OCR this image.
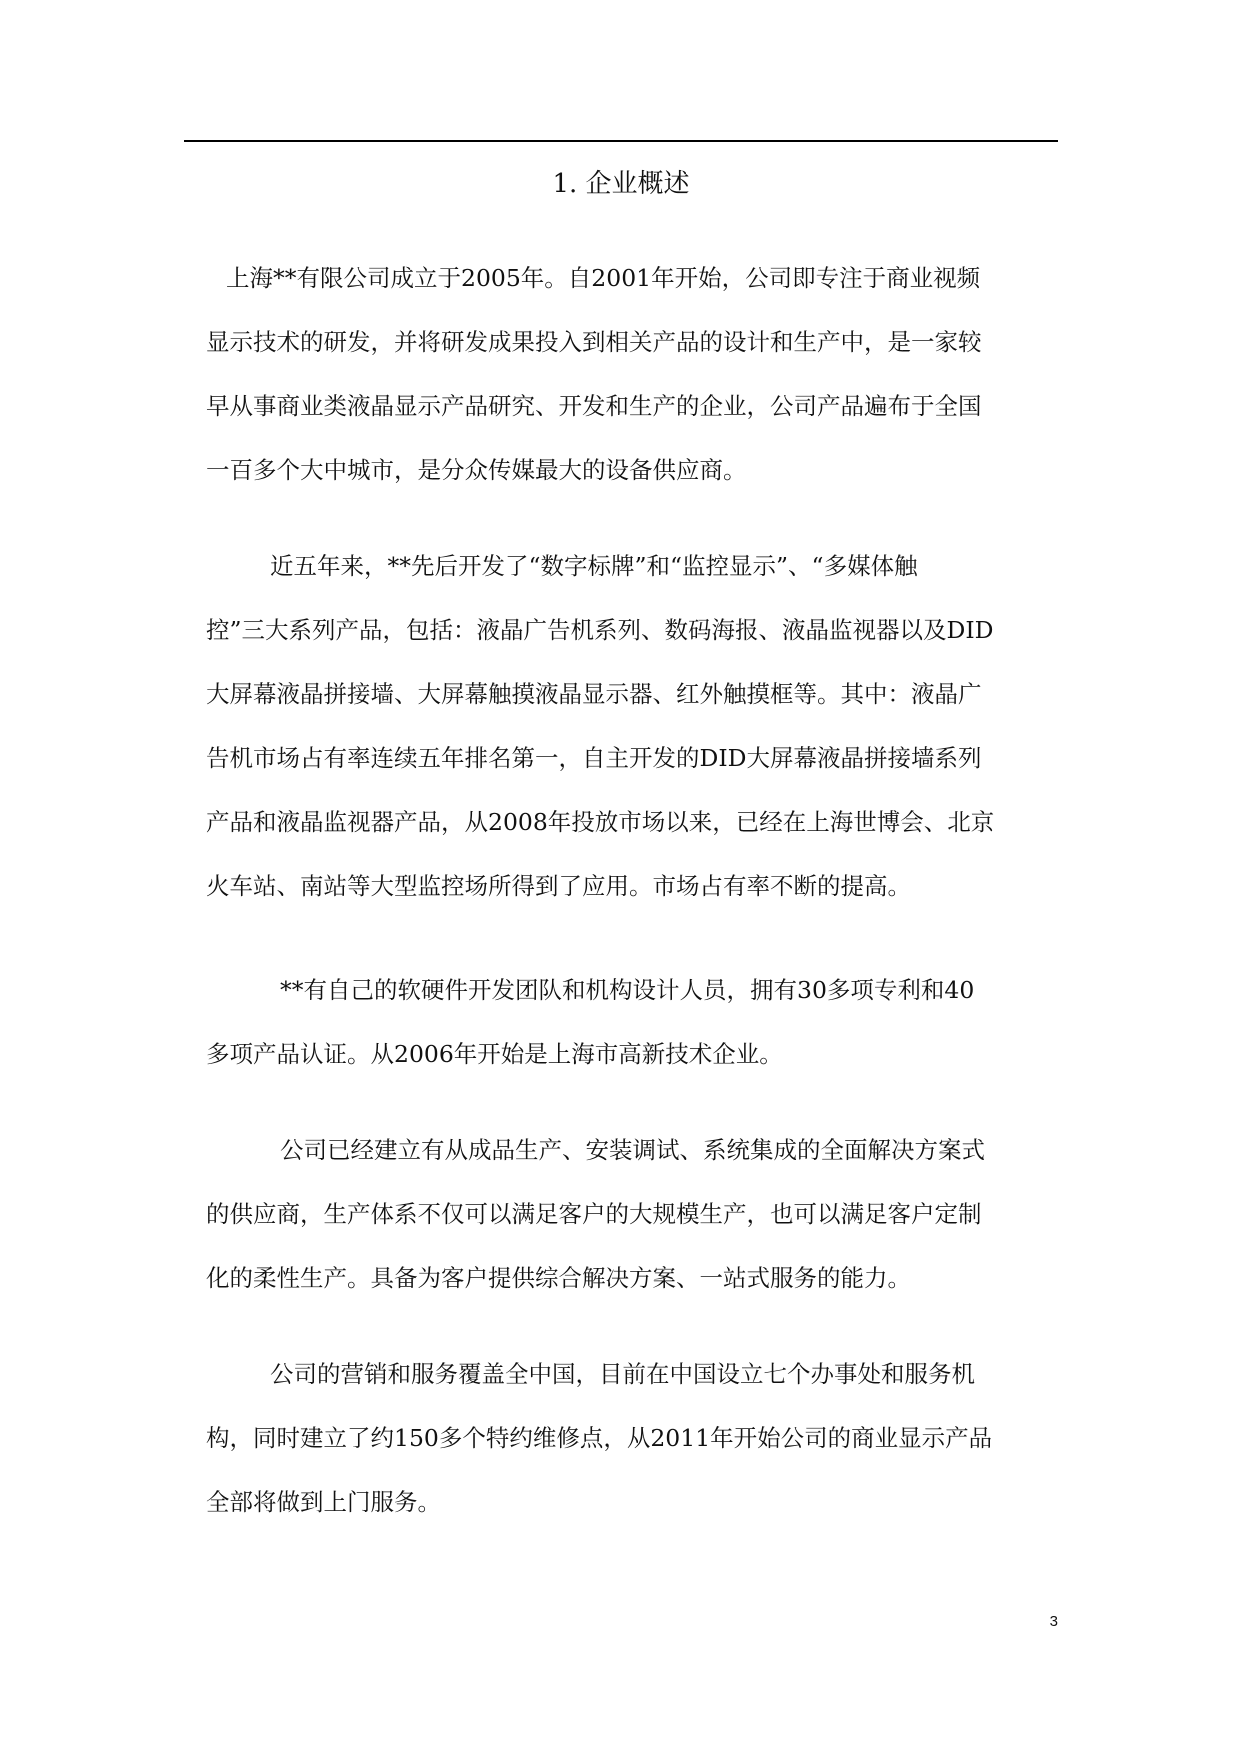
1. 企业概述

上海**有限公司成立于2005年。自2001年开始，公司即专注于商业视频
显示技术的研发，并将研发成果投入到相关产品的设计和生产中，是一家较
早从事商业类液晶显示产品研究、开发和生产的企业，公司产品遍布于全国
一百多个大中城市，是分众传媒最大的设备供应商。

近五年来，**先后开发了“数字标牌”和“监控显示”、“多媒体触
控”三大系列产品，包括：液晶广告机系列、数码海报、液晶监视器以及DID
大屏幕液晶拼接墙、大屏幕触摸液晶显示器、红外触摸框等。其中：液晶广
告机市场占有率连续五年排名第一，自主开发的DID大屏幕液晶拼接墙系列
产品和液晶监视器产品，从2008年投放市场以来，已经在上海世博会、北京
火车站、南站等大型监控场所得到了应用。市场占有率不断的提高。

**有自己的软硬件开发团队和机构设计人员，拥有30多项专利和40
多项产品认证。从2006年开始是上海市高新技术企业。

公司已经建立有从成品生产、安装调试、系统集成的全面解决方案式
的供应商，生产体系不仅可以满足客户的大规模生产，也可以满足客户定制
化的柔性生产。具备为客户提供综合解决方案、一站式服务的能力。

公司的营销和服务覆盖全中国，目前在中国设立七个办事处和服务机
构，同时建立了约150多个特约维修点，从2011年开始公司的商业显示产品
全部将做到上门服务。

3
